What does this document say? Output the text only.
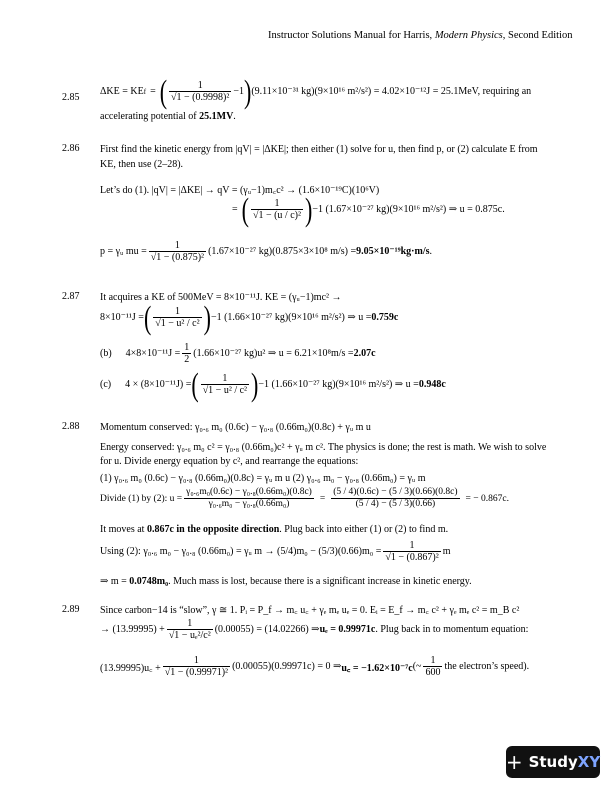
Instructor Solutions Manual for Harris, Modern Physics, Second Edition
2.85
ΔKE = KE f = ( $\frac{1}{\text{√1 − (0.9998)²}} -1$ ) (9.11×10⁻³¹ kg)(9×10¹⁶ m²/s²) = 4.02×10⁻¹²J = 25.1MeV, requiring an
accelerating potential of 25.1MV.
2.86 First find the kinetic energy from |qV| = |ΔKE|; then either (1) solve for u, then find p, or (2) calculate E from
KE, then use (2–28).
Let’s do (1). |qV| = |ΔKE| → qV = (γᵤ−1)m꜀c² → (1.6×10⁻¹⁹C)(10⁶V)
= ( $\frac{1}{\text{√1 − (u / c)²}}$ ) −1 (1.67×10⁻²⁷ kg)(9×10¹⁶ m²/s²) ⇒ u = 0.875c.
p = γᵤ mu = $\frac{1}{\text{√1 − (0.875)²}} (1.67\times 10^{-27}$ kg)(0.875×3×10⁸ m/s) = 9.05×10⁻¹⁹kg·m/s .
2.87 It acquires a KE of 500MeV = 8×10⁻¹¹J. KE = (γᵤ−1)mc² →
8×10⁻¹¹J = ( $\frac{1}{\text{√1 − u² / c²}}$ ) −1 (1.66×10⁻²⁷ kg)(9×10¹⁶ m²/s²) ⇒ u = 0.759c
(b) $4\times 8\times 10^{-11}J = \frac{1}{2} (1.66\times 10^{-27}$ kg)u² ⇒ u = 6.21×10⁸m/s = 2.07c
(c) 4 × (8×10⁻¹¹J) = ( $\frac{1}{\text{√1 − u² / c²}}$ ) −1 (1.66×10⁻²⁷ kg)(9×10¹⁶ m²/s²) ⇒ u = 0.948c
2.88 Momentum conserved: γ₀.₆ m₀ (0.6c) − γ₀.₈ (0.66m₀)(0.8c) + γᵤ m u
Energy conserved: γ₀.₆ m₀ c² = γ₀.₈ (0.66m₀)c² + γᵤ m c². The physics is done; the rest is math. We wish to solve
for u. Divide energy equation by c², and rearrange the equations:
(1) γ₀.₆ m₀ (0.6c) − γ₀.₈ (0.66m₀)(0.8c) = γᵤ m u (2) γ₀.₆ m₀ − γ₀.₈ (0.66m₀) = γᵤ m
Divide (1) by (2): $u = \frac{\text{γ₀.₆m₀(0.6c) − γ₀.₈(0.66m₀)(0.8c)}}{\text{γ₀.₆m₀ − γ₀.₈(0.66m₀)}} = \frac{(5 / 4)(0.6c) - (5 / 3)(0.66)(0.8c)}{(5 / 4) - (5 / 3)(0.66)}$ = − 0.867c.
It moves at 0.867c in the opposite direction. Plug back into either (1) or (2) to find m.
Using (2): γ₀.₆ m₀ − γ₀.₈ (0.66m₀) = γᵤ $m \to (5/4)m_0 - (5/3)(0.66)m_0 = \frac{1}{\text{√1 − (0.867)²}}$ m
⇒ m = 0.0748m₀. Much mass is lost, because there is a significant increase in kinetic energy.
2.89 Since carbon−14 is “slow”, γ ≅ 1. Pᵢ = P_f → m꜀ u꜀ + γₑ mₑ uₑ = 0. Eᵢ = E_f → m꜀ c² + γₑ mₑ c² = m_B c²
→ $(13.99995) + \frac{1}{\text{√1 − uₑ²/c²}} (0.00055) = (14.02266)$ ⇒ uₑ = 0.99971c . Plug back in to momentum equation:
(13.99995)u꜀ + $\frac{1}{\text{√1 − (0.99971)²}} (0.00055)(0.99971c) = 0$ ⇒ u꜀ = −1.62×10⁻⁷c (~ $\frac{1}{600}$ the electron’s speed).
+ StudyXY
